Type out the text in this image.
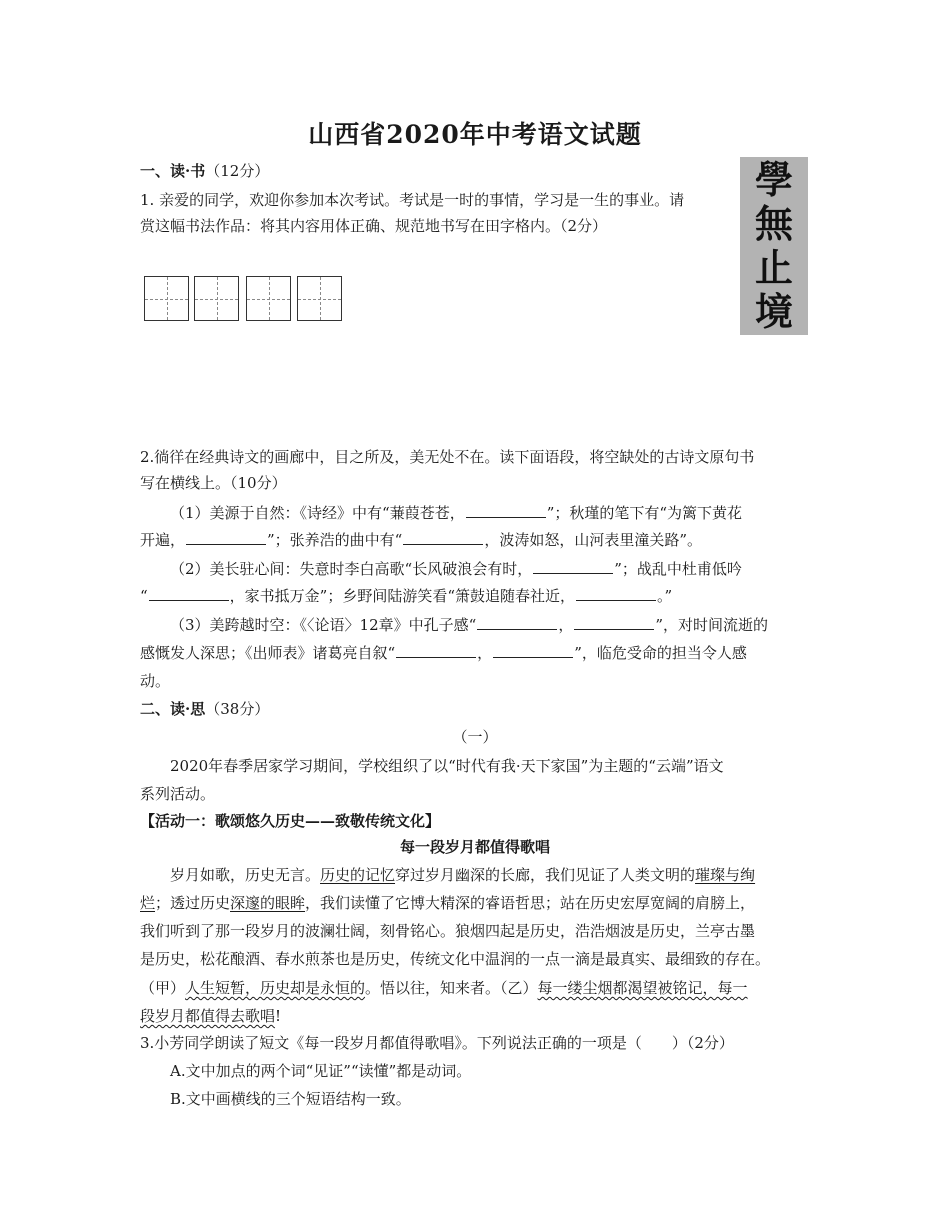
山西省2020年中考语文试题
一、读·书（12分）
1. 亲爱的同学，欢迎你参加本次考试。考试是一时的事情，学习是一生的事业。请
赏这幅书法作品：将其内容用体正确、规范地书写在田字格内。（2分）
學
無
止
境
2.徜徉在经典诗文的画廊中，目之所及，美无处不在。读下面语段，将空缺处的古诗文原句书
写在横线上。（10分）
（1）美源于自然：《诗经》中有“蒹葭苍苍，	”；秋瑾的笔下有“为篱下黄花
开遍，	”；张养浩的曲中有“	，波涛如怒，山河表里潼关路”。
（2）美长驻心间：失意时李白高歌“长风破浪会有时，	”；战乱中杜甫低吟
“	，家书抵万金”；乡野间陆游笑看“箫鼓追随春社近，	。”
（3）美跨越时空：《〈论语〉12章》中孔子感“	，	”，对时间流逝的
感慨发人深思；《出师表》诸葛亮自叙“	，	”，临危受命的担当令人感
动。
二、读·思（38分）
（一）
2020年春季居家学习期间，学校组织了以“时代有我·天下家国”为主题的“云端”语文
系列活动。
【活动一：歌颂悠久历史——致敬传统文化】
每一段岁月都值得歌唱
岁月如歌，历史无言。历史的记忆穿过岁月幽深的长廊，我们见证了人类文明的璀璨与绚
烂；透过历史深邃的眼眸，我们读懂了它博大精深的睿语哲思；站在历史宏厚宽阔的肩膀上，
我们听到了那一段岁月的波澜壮阔，刻骨铭心。狼烟四起是历史，浩浩烟波是历史，兰亭古墨
是历史，松花酿酒、春水煎茶也是历史，传统文化中温润的一点一滴是最真实、最细致的存在。
（甲）人生短暂，历史却是永恒的。悟以往，知来者。（乙）每一缕尘烟都渴望被铭记，每一
段岁月都值得去歌唱!
3.小芳同学朗读了短文《每一段岁月都值得歌唱》。下列说法正确的一项是（　　）（2分）
A.文中加点的两个词“见证”“读懂”都是动词。
B.文中画横线的三个短语结构一致。
